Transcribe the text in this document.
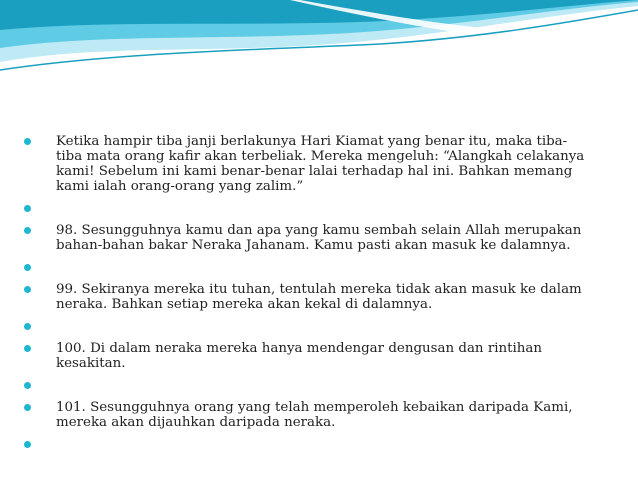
Ketika hampir tiba janji berlakunya Hari Kiamat yang benar itu, maka tiba-tiba mata orang kafir akan terbeliak. Mereka mengeluh: “Alangkah celakanya kami! Sebelum ini kami benar-benar lalai terhadap hal ini. Bahkan memang kami ialah orang-orang yang zalim.”

98. Sesungguhnya kamu dan apa yang kamu sembah selain Allah merupakan bahan-bahan bakar Neraka Jahanam. Kamu pasti akan masuk ke dalamnya.

99. Sekiranya mereka itu tuhan, tentulah mereka tidak akan masuk ke dalam neraka. Bahkan setiap mereka akan kekal di dalamnya.

100. Di dalam neraka mereka hanya mendengar dengusan dan rintihan kesakitan.

101. Sesungguhnya orang yang telah memperoleh kebaikan daripada Kami, mereka akan dijauhkan daripada neraka.
